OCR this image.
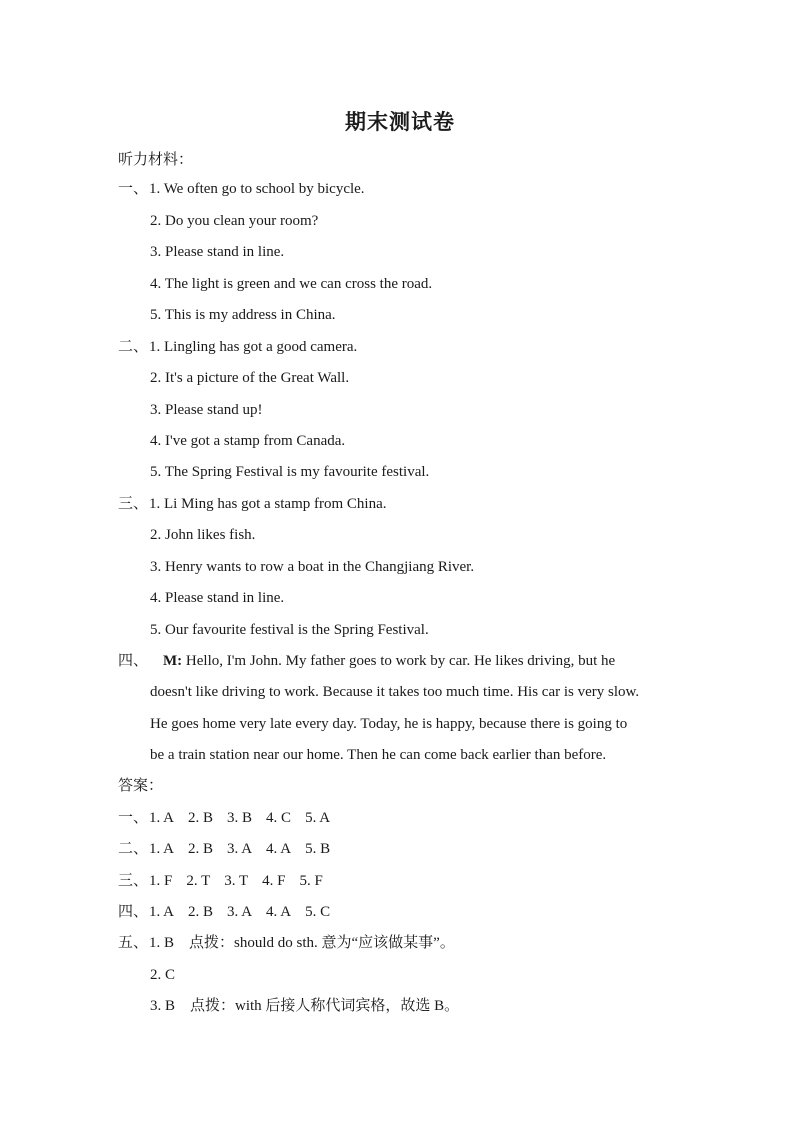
期末测试卷
听力材料：
一、1. We often go to school by bicycle.
2. Do you clean your room?
3. Please stand in line.
4. The light is green and we can cross the road.
5. This is my address in China.
二、1. Lingling has got a good camera.
2. It's a picture of the Great Wall.
3. Please stand up!
4. I've got a stamp from Canada.
5. The Spring Festival is my favourite festival.
三、1. Li Ming has got a stamp from China.
2. John likes fish.
3. Henry wants to row a boat in the Changjiang River.
4. Please stand in line.
5. Our favourite festival is the Spring Festival.
四、 M: Hello, I'm John. My father goes to work by car. He likes driving, but he
doesn't like driving to work. Because it takes too much time. His car is very slow.
He goes home very late every day. Today, he is happy, because there is going to
be a train station near our home. Then he can come back earlier than before.
答案：
一、1. A 2. B 3. B 4. C 5. A
二、1. A 2. B 3. A 4. A 5. B
三、1. F 2. T 3. T 4. F 5. F
四、1. A 2. B 3. A 4. A 5. C
五、1. B　点拨：should do sth. 意为“应该做某事”。
2. C
3. B　点拨：with 后接人称代词宾格，故选 B。
